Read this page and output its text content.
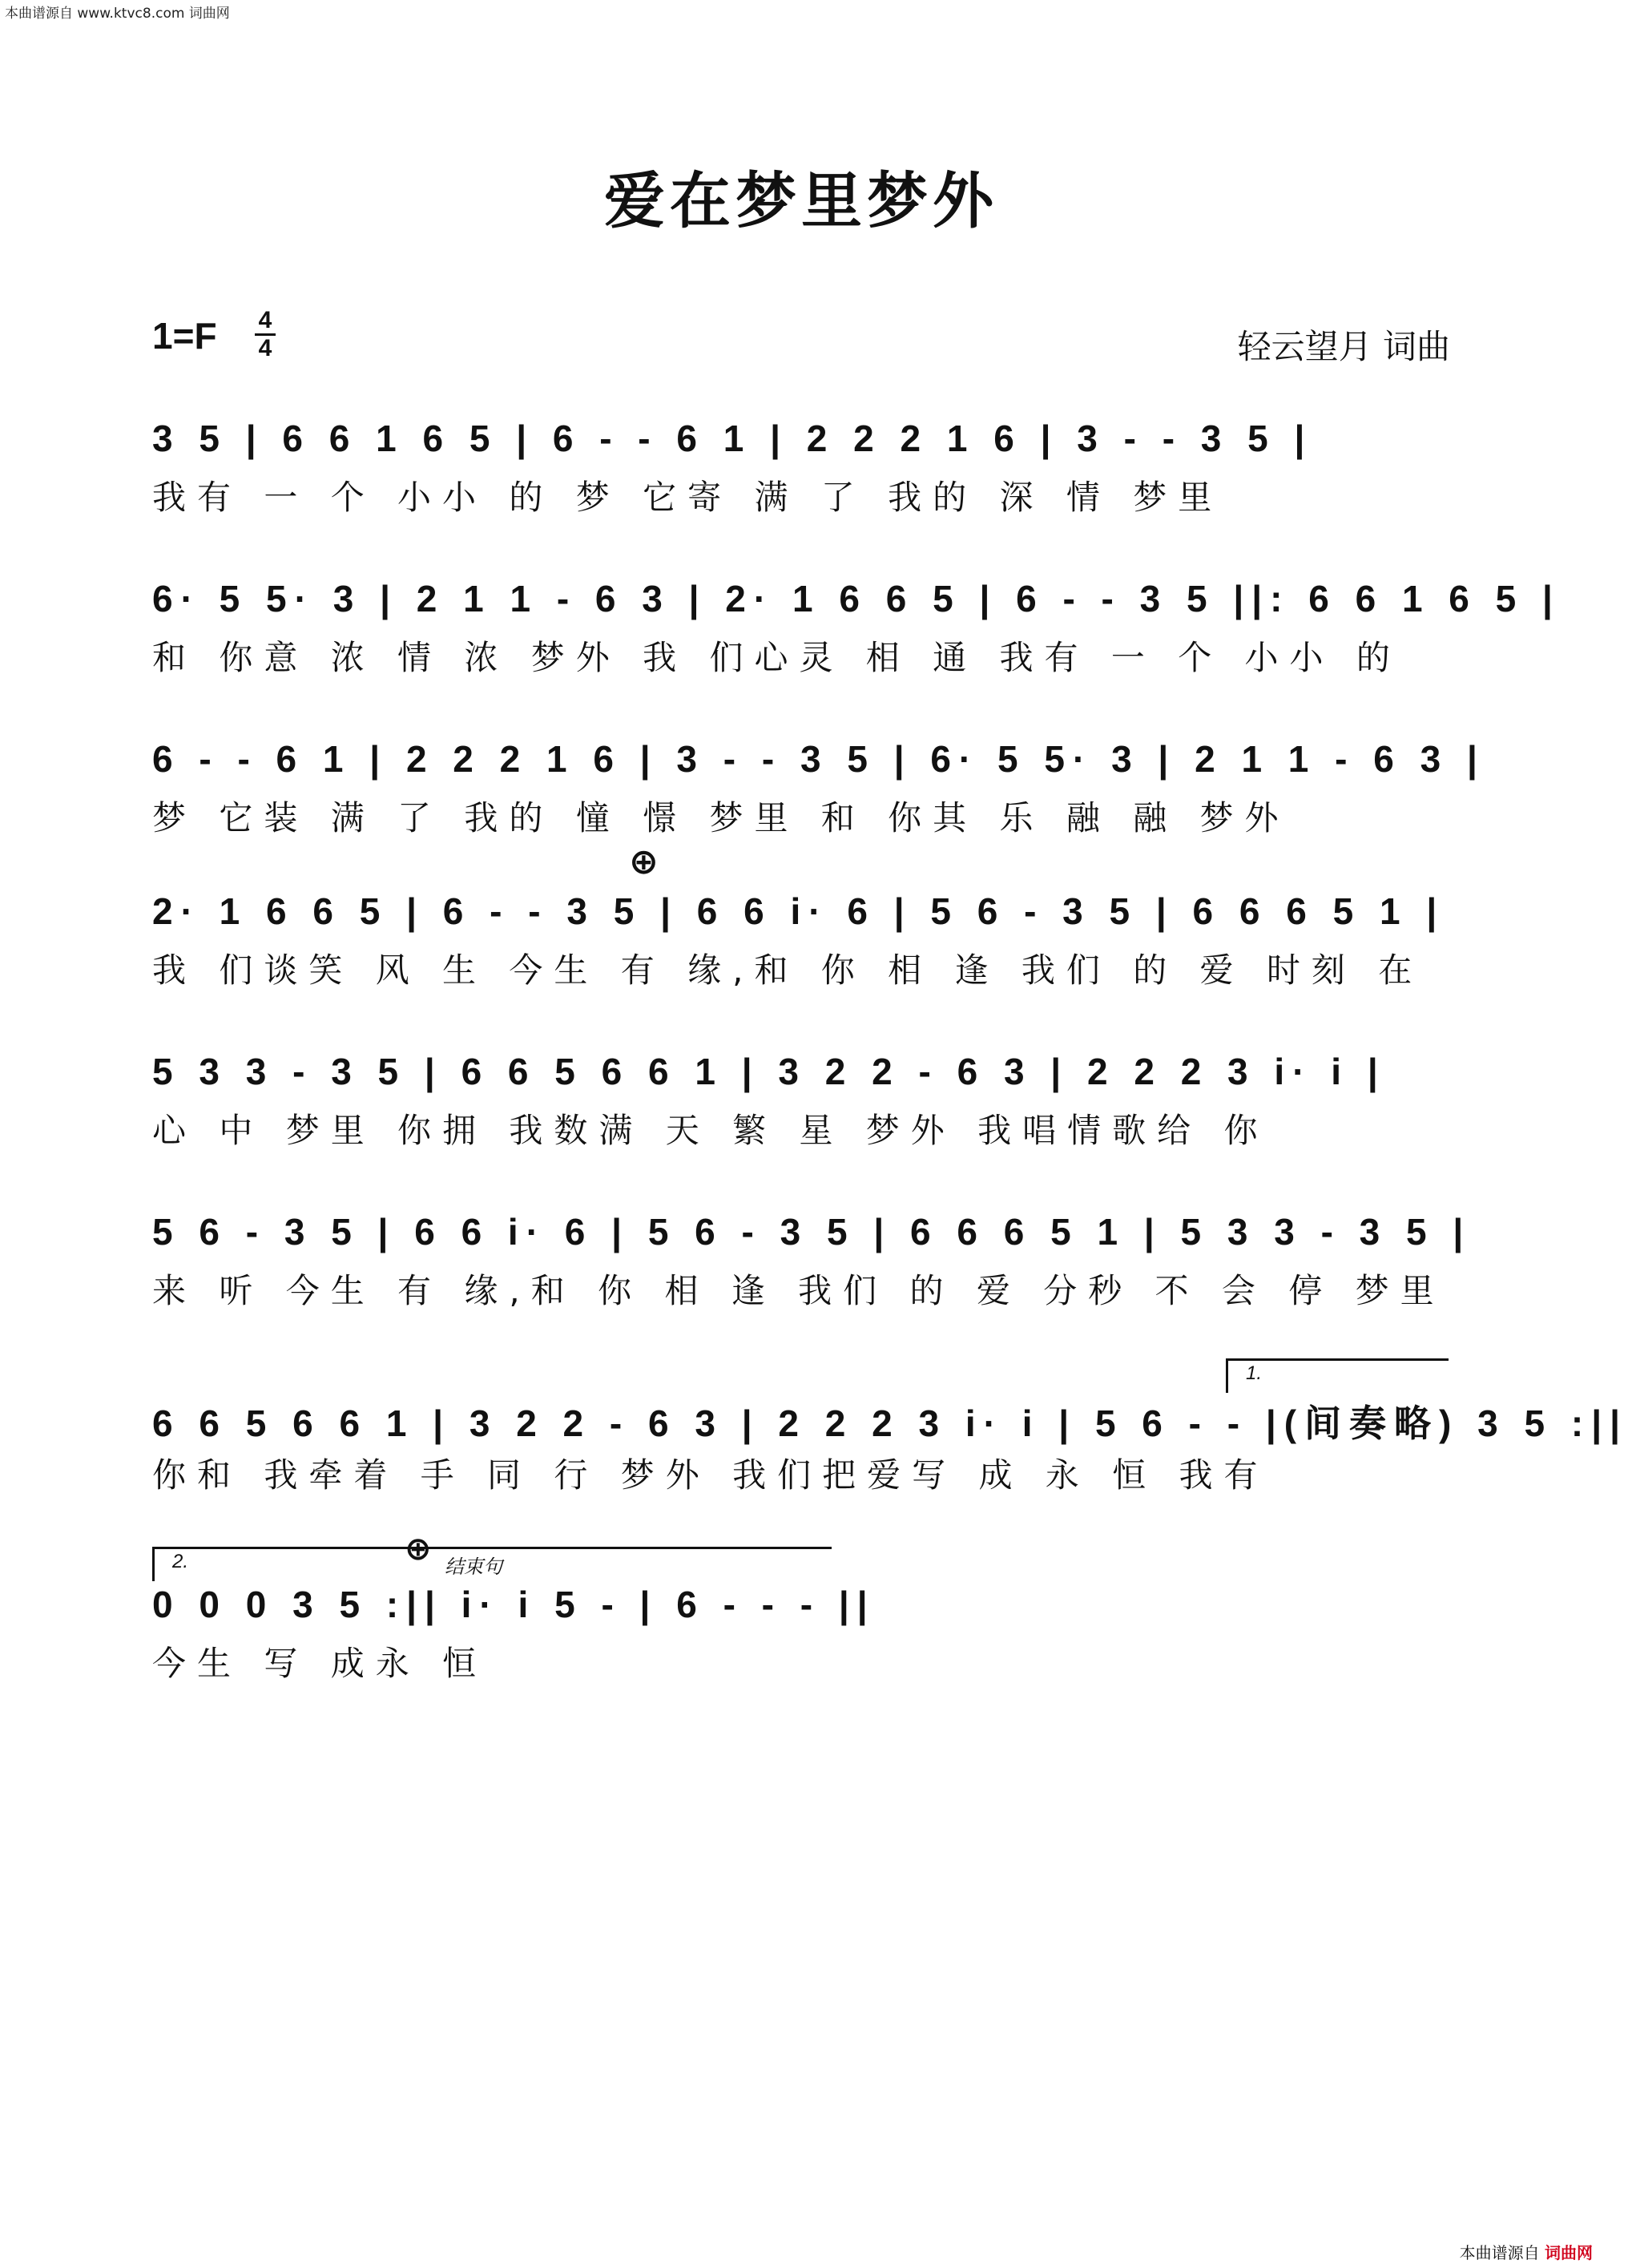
本曲谱源自 www.ktvc8.com 词曲网
爱在梦里梦外
1=F 4
4	轻云望月 词曲
3 5 | 6 6 1 6 5 | 6 - - 6 1 | 2 2 2 1 6 | 3 - - 3 5 |
我有 一 个 小小 的 梦 它寄 满 了 我的 深 情 梦里
6· 5 5· 3 | 2 1 1 - 6 3 | 2· 1 6 6 5 | 6 - - 3 5 ||: 6 6 1 6 5 |
和 你意 浓 情 浓 梦外 我 们心灵 相 通 我有 一 个 小小 的
6 - - 6 1 | 2 2 2 1 6 | 3 - - 3 5 | 6· 5 5· 3 | 2 1 1 - 6 3 |
梦 它装 满 了 我的 憧 憬 梦里 和 你其 乐 融 融 梦外
⊕
2· 1 6 6 5 | 6 - - 3 5 | 6 6 i· 6 | 5 6 - 3 5 | 6 6 6 5 1 |
我 们谈笑 风 生 今生 有 缘,和 你 相 逢 我们 的 爱 时刻 在
5 3 3 - 3 5 | 6 6 5 6 6 1 | 3 2 2 - 6 3 | 2 2 2 3 i· i |
心 中 梦里 你拥 我数满 天 繁 星 梦外 我唱情歌给 你
5 6 - 3 5 | 6 6 i· 6 | 5 6 - 3 5 | 6 6 6 5 1 | 5 3 3 - 3 5 |
来 听 今生 有 缘,和 你 相 逢 我们 的 爱 分秒 不 会 停 梦里
1.
6 6 5 6 6 1 | 3 2 2 - 6 3 | 2 2 2 3 i· i | 5 6 - - |(间奏略) 3 5 :||
你和 我牵着 手 同 行 梦外 我们把爱写 成 永 恒 我有
2.	⊕ 结束句
0 0 0 3 5 :|| i· i 5 - | 6 - - - ||
今生 写 成永 恒
本曲谱源自 词曲网
